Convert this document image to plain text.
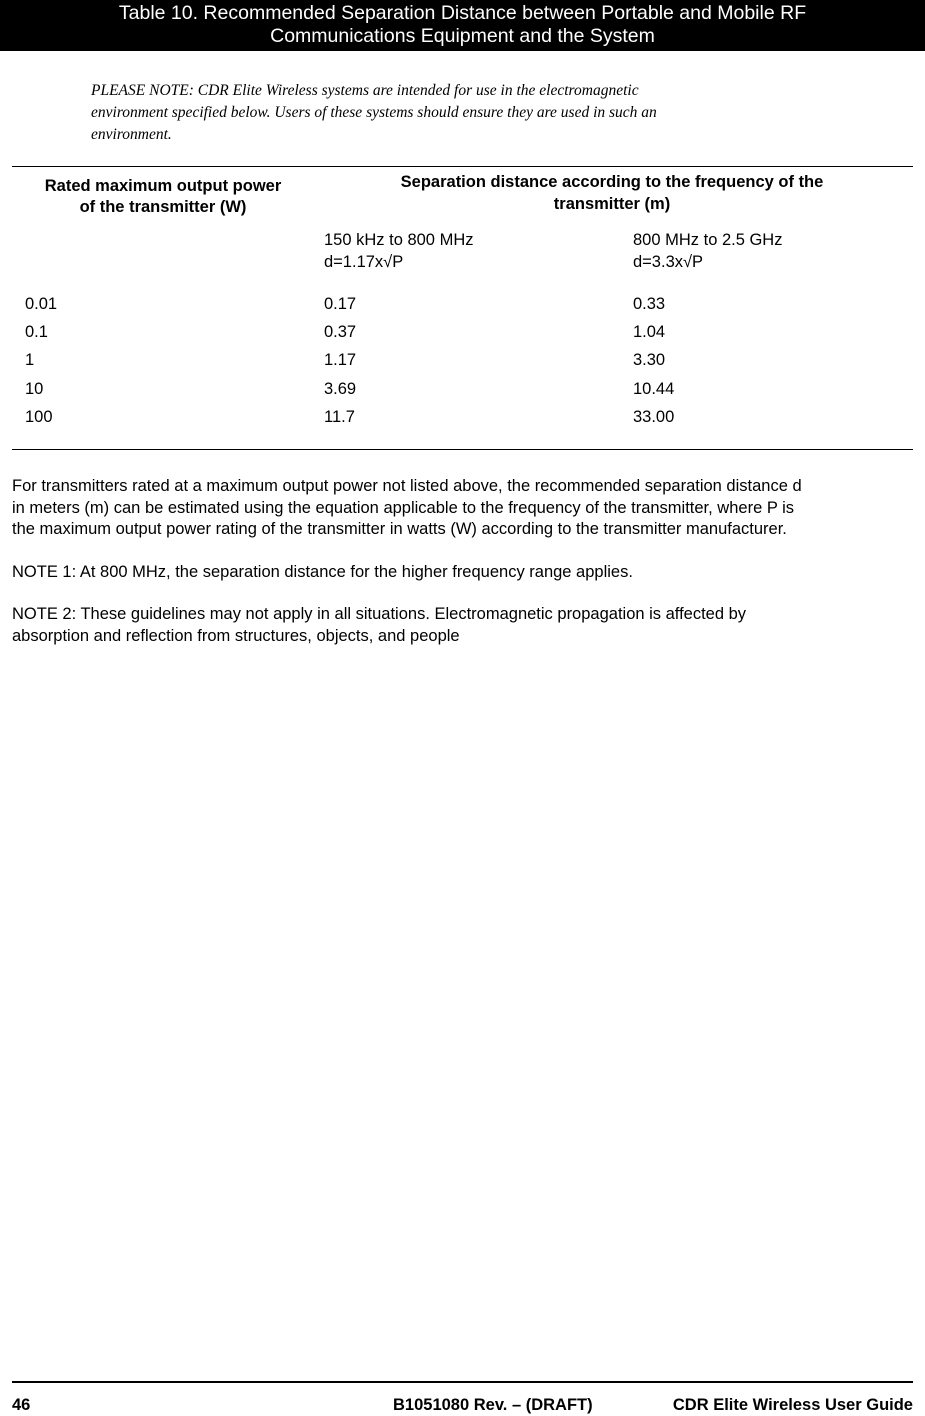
Table 10. Recommended Separation Distance between Portable and Mobile RF
Communications Equipment and the System
PLEASE NOTE: CDR Elite Wireless systems are intended for use in the electromagnetic
environment specified below. Users of these systems should ensure they are used in such an
environment.
Rated maximum output power
of the transmitter (W)
Separation distance according to the frequency of the
transmitter (m)
150 kHz to 800 MHz
d=1.17x√P
800 MHz to 2.5 GHz
d=3.3x√P
0.01	0.17	0.33
0.1	0.37	1.04
1	1.17	3.30
10	3.69	10.44
100	11.7	33.00
For transmitters rated at a maximum output power not listed above, the recommended separation distance d
in meters (m) can be estimated using the equation applicable to the frequency of the transmitter, where P is
the maximum output power rating of the transmitter in watts (W) according to the transmitter manufacturer.
NOTE 1: At 800 MHz, the separation distance for the higher frequency range applies.
NOTE 2: These guidelines may not apply in all situations. Electromagnetic propagation is affected by
absorption and reflection from structures, objects, and people
46	B1051080 Rev. – (DRAFT)	CDR Elite Wireless User Guide
